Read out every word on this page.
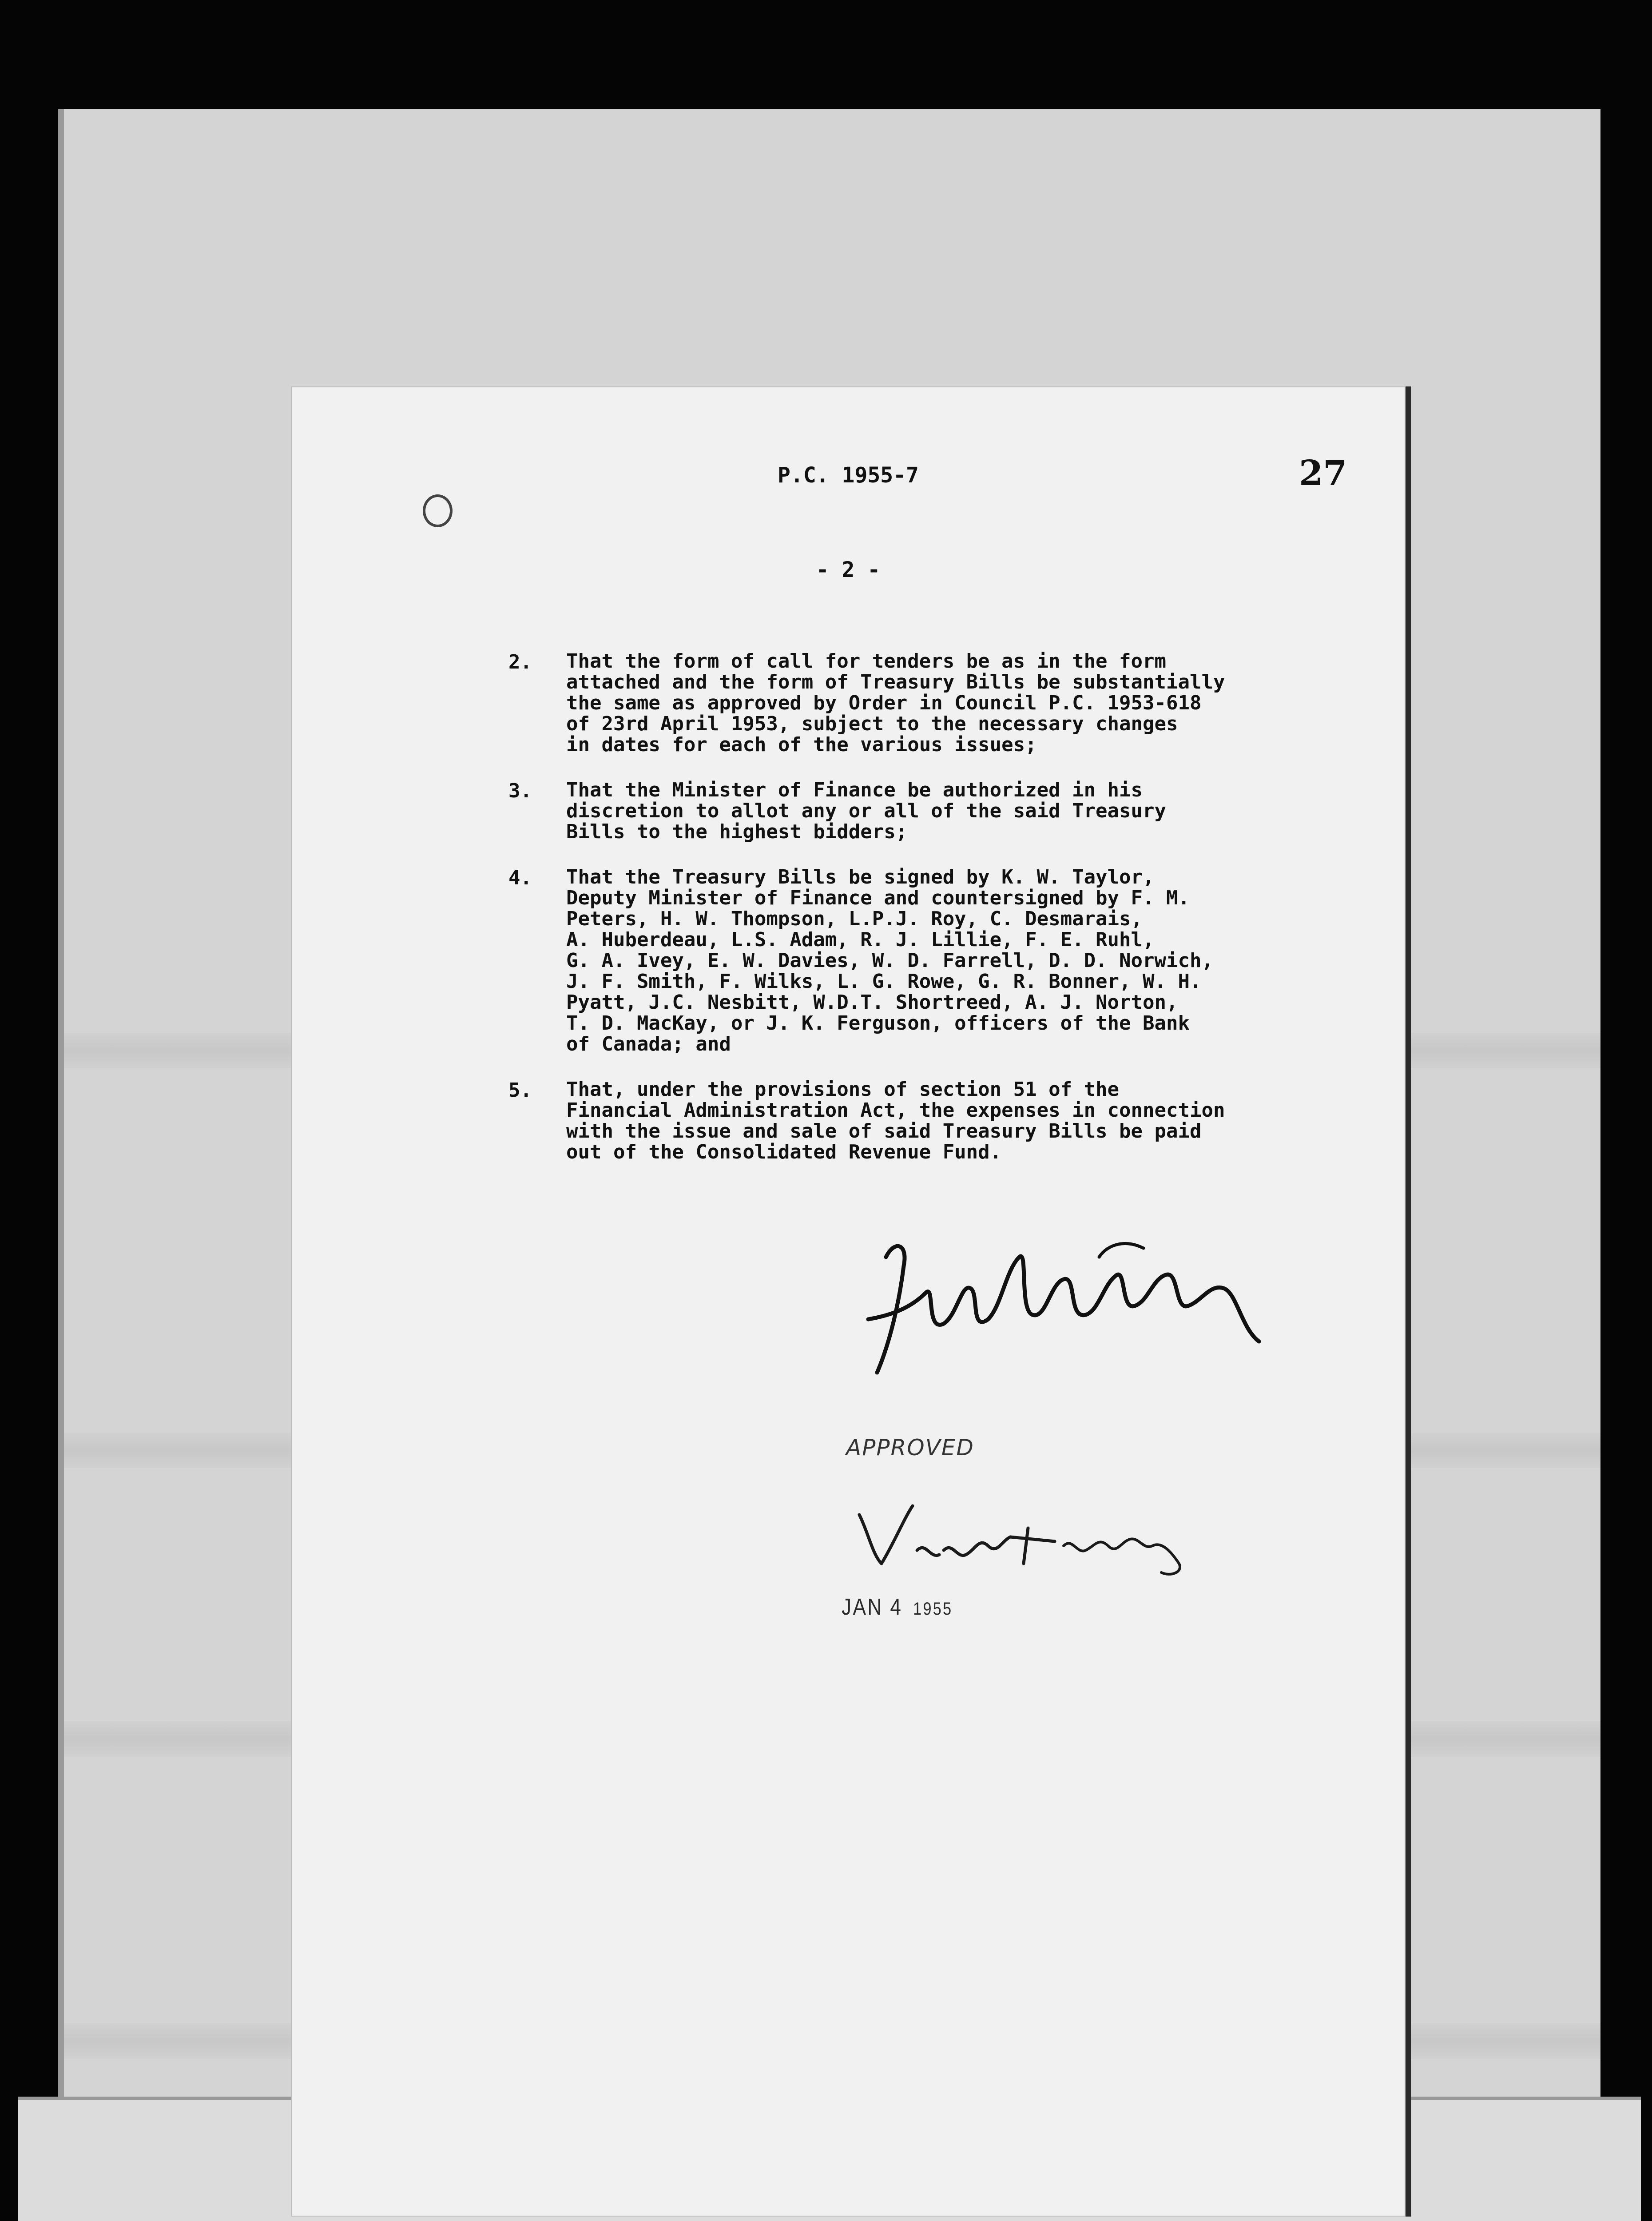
P.C. 1955-7	27
- 2 -
2.	That the form of call for tenders be as in the form
attached and the form of Treasury Bills be substantially
the same as approved by Order in Council P.C. 1953-618
of 23rd April 1953, subject to the necessary changes
in dates for each of the various issues;
3.	That the Minister of Finance be authorized in his
discretion to allot any or all of the said Treasury
Bills to the highest bidders;
4.	That the Treasury Bills be signed by K. W. Taylor,
Deputy Minister of Finance and countersigned by F. M.
Peters, H. W. Thompson, L.P.J. Roy, C. Desmarais,
A. Huberdeau, L.S. Adam, R. J. Lillie, F. E. Ruhl,
G. A. Ivey, E. W. Davies, W. D. Farrell, D. D. Norwich,
J. F. Smith, F. Wilks, L. G. Rowe, G. R. Bonner, W. H.
Pyatt, J.C. Nesbitt, W.D.T. Shortreed, A. J. Norton,
T. D. MacKay, or J. K. Ferguson, officers of the Bank
of Canada; and
5.	That, under the provisions of section 51 of the
Financial Administration Act, the expenses in connection
with the issue and sale of said Treasury Bills be paid
out of the Consolidated Revenue Fund.
APPROVED
JAN 4 1955
